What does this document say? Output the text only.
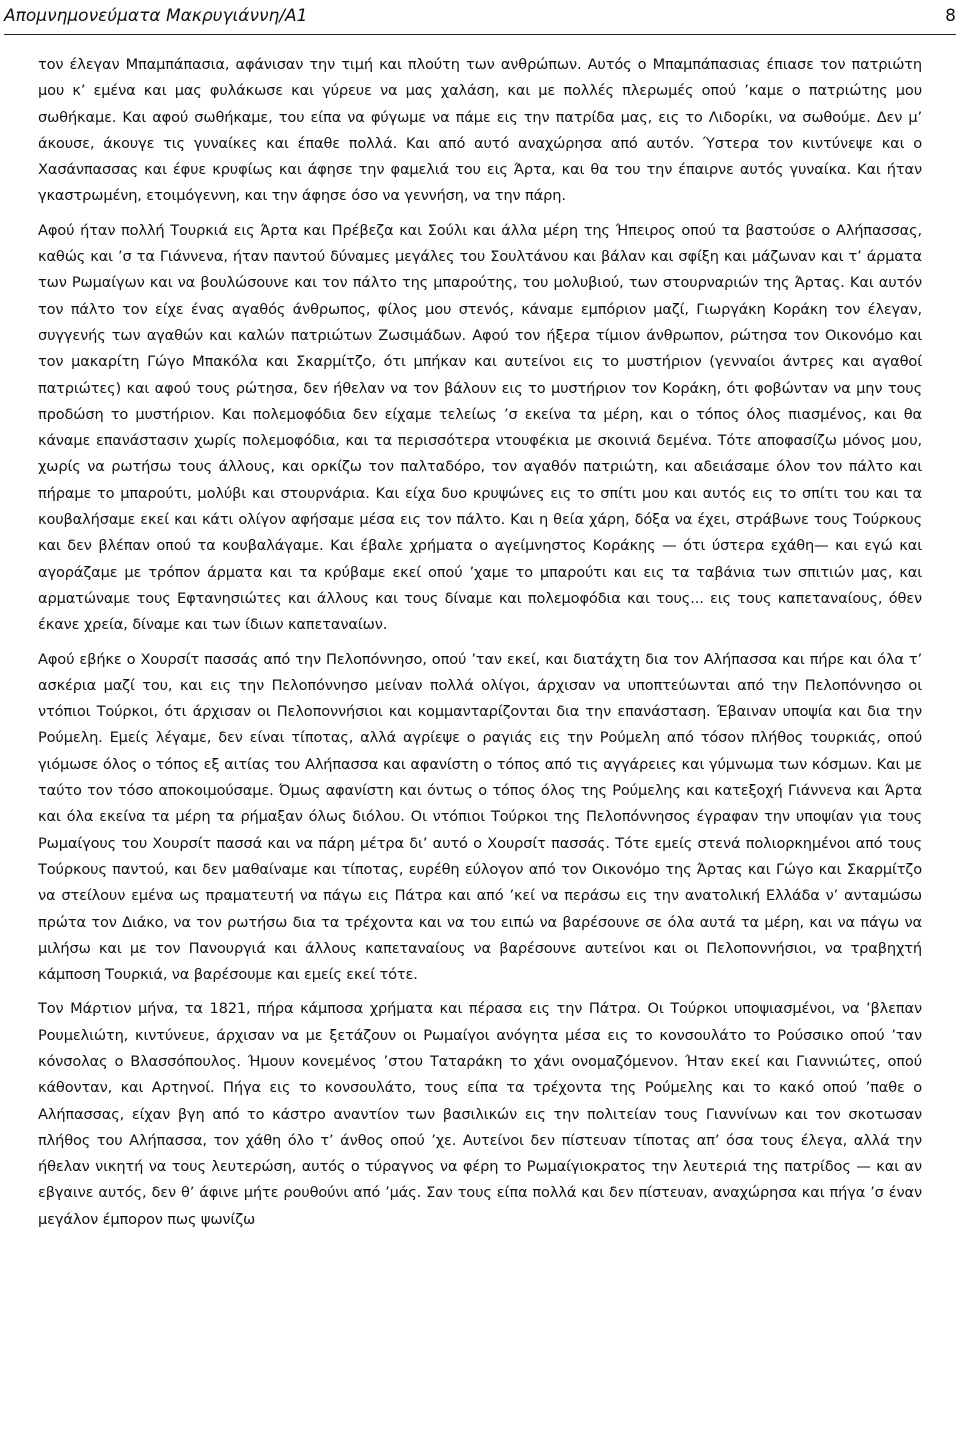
Απομνημονεύματα Μακρυγιάννη/Α1	8

τον έλεγαν Μπαμπάπασια, αφάνισαν την τιμή και πλούτη των ανθρώπων. Αυτός ο Μπαμπάπασιας έπιασε τον πατριώτη μου κ’ εμένα και μας φυλάκωσε και γύρευε να μας χαλάση, και με πολλές πλερωμές οπού ’καμε ο πατριώτης μου σωθήκαμε. Και αφού σωθήκαμε, του είπα να φύγωμε να πάμε εις την πατρίδα μας, εις το Λιδορίκι, να σωθούμε. Δεν μ’ άκουσε, άκουγε τις γυναίκες και έπαθε πολλά. Και από αυτό αναχώρησα από αυτόν. Ύστερα τον κιντύνεψε και ο Χασάνπασσας και έφυε κρυφίως και άφησε την φαμελιά του εις Άρτα, και θα του την έπαιρνε αυτός γυναίκα. Και ήταν γκαστρωμένη, ετοιμόγεννη, και την άφησε όσο να γεννήση, να την πάρη.

Αφού ήταν πολλή Τουρκιά εις Άρτα και Πρέβεζα και Σούλι και άλλα μέρη της Ήπειρος οπού τα βαστούσε ο Αλήπασσας, καθώς και ’σ τα Γιάννενα, ήταν παντού δύναμες μεγάλες του Σουλτάνου και βάλαν και σφίξη και μάζωναν και τ’ άρματα των Ρωμαίγων και να βουλώσουνε και τον πάλτο της μπαρούτης, του μολυβιού, των στουρναριών της Άρτας. Και αυτόν τον πάλτο τον είχε ένας αγαθός άνθρωπος, φίλος μου στενός, κάναμε εμπόριον μαζί, Γιωργάκη Κοράκη τον έλεγαν, συγγενής των αγαθών και καλών πατριώτων Ζωσιμάδων. Αφού τον ήξερα τίμιον άνθρωπον, ρώτησα τον Οικονόμο και τον μακαρίτη Γώγο Μπακόλα και Σκαρμίτζο, ότι μπήκαν και αυτείνοι εις το μυστήριον (γενναίοι άντρες και αγαθοί πατριώτες) και αφού τους ρώτησα, δεν ήθελαν να τον βάλουν εις το μυστήριον τον Κοράκη, ότι φοβώνταν να μην τους προδώση το μυστήριον. Και πολεμοφόδια δεν είχαμε τελείως ’σ εκείνα τα μέρη, και ο τόπος όλος πιασμένος, και θα κάναμε επανάστασιν χωρίς πολεμοφόδια, και τα περισσότερα ντουφέκια με σκοινιά δεμένα. Τότε αποφασίζω μόνος μου, χωρίς να ρωτήσω τους άλλους, και ορκίζω τον παλταδόρο, τον αγαθόν πατριώτη, και αδειάσαμε όλον τον πάλτο και πήραμε το μπαρούτι, μολύβι και στουρνάρια. Και είχα δυο κρυψώνες εις το σπίτι μου και αυτός εις το σπίτι του και τα κουβαλήσαμε εκεί και κάτι ολίγον αφήσαμε μέσα εις τον πάλτο. Και η θεία χάρη, δόξα να έχει, στράβωνε τους Τούρκους και δεν βλέπαν οπού τα κουβαλάγαμε. Και έβαλε χρήματα ο αγείμνηστος Κοράκης — ότι ύστερα εχάθη— και εγώ και αγοράζαμε με τρόπον άρματα και τα κρύβαμε εκεί οπού ’χαμε το μπαρούτι και εις τα ταβάνια των σπιτιών μας, και αρματώναμε τους Εφτανησιώτες και άλλους και τους δίναμε και πολεμοφόδια και τους... εις τους καπεταναίους, όθεν έκανε χρεία, δίναμε και των ίδιων καπεταναίων.

Αφού εβήκε ο Χουρσίτ πασσάς από την Πελοπόννησο, οπού ’ταν εκεί, και διατάχτη δια τον Αλήπασσα και πήρε και όλα τ’ ασκέρια μαζί του, και εις την Πελοπόννησο μείναν πολλά ολίγοι, άρχισαν να υποπτεύωνται από την Πελοπόννησο οι ντόπιοι Τούρκοι, ότι άρχισαν οι Πελοποννήσιοι και κομμανταρίζονται δια την επανάσταση. Έβαιναν υποψία και δια την Ρούμελη. Εμείς λέγαμε, δεν είναι τίποτας, αλλά αγρίεψε ο ραγιάς εις την Ρούμελη από τόσον πλήθος τουρκιάς, οπού γιόμωσε όλος ο τόπος εξ αιτίας του Αλήπασσα και αφανίστη ο τόπος από τις αγγάρειες και γύμνωμα των κόσμων. Και με ταύτο τον τόσο αποκοιμούσαμε. Όμως αφανίστη και όντως ο τόπος όλος της Ρούμελης και κατεξοχή Γιάννενα και Άρτα και όλα εκείνα τα μέρη τα ρήμαξαν όλως διόλου. Οι ντόπιοι Τούρκοι της Πελοπόννησος έγραφαν την υποψίαν για τους Ρωμαίγους του Χουρσίτ πασσά και να πάρη μέτρα δι’ αυτό ο Χουρσίτ πασσάς. Τότε εμείς στενά πολιορκημένοι από τους Τούρκους παντού, και δεν μαθαίναμε και τίποτας, ευρέθη εύλογον από τον Οικονόμο της Άρτας και Γώγο και Σκαρμίτζο να στείλουν εμένα ως πραματευτή να πάγω εις Πάτρα και από ’κεί να περάσω εις την ανατολική Ελλάδα ν’ ανταμώσω πρώτα τον Διάκο, να τον ρωτήσω δια τα τρέχοντα και να του ειπώ να βαρέσουνε σε όλα αυτά τα μέρη, και να πάγω να μιλήσω και με τον Πανουργιά και άλλους καπεταναίους να βαρέσουνε αυτείνοι και οι Πελοποννήσιοι, να τραβηχτή κάμποση Τουρκιά, να βαρέσουμε και εμείς εκεί τότε.

Τον Μάρτιον μήνα, τα 1821, πήρα κάμποσα χρήματα και πέρασα εις την Πάτρα. Οι Τούρκοι υποψιασμένοι, να ’βλεπαν Ρουμελιώτη, κιντύνευε, άρχισαν να με ξετάζουν οι Ρωμαίγοι ανόγητα μέσα εις το κονσουλάτο το Ρούσσικο οπού ’ταν κόνσολας ο Βλασσόπουλος. Ήμουν κονεμένος ’στου Ταταράκη το χάνι ονομαζόμενον. Ήταν εκεί και Γιαννιώτες, οπού κάθονταν, και Αρτηνοί. Πήγα εις το κονσουλάτο, τους είπα τα τρέχοντα της Ρούμελης και το κακό οπού ’παθε ο Αλήπασσας, είχαν βγη από το κάστρο αναντίον των βασιλικών εις την πολιτείαν τους Γιαννίνων και τον σκοτωσαν πλήθος του Αλήπασσα, τον χάθη όλο τ’ άνθος οπού ’χε. Αυτείνοι δεν πίστευαν τίποτας απ’ όσα τους έλεγα, αλλά την ήθελαν νικητή να τους λευτερώση, αυτός ο τύραγνος να φέρη το Ρωμαίγιοκρατος την λευτεριά της πατρίδος — και αν εβγαινε αυτός, δεν θ’ άφινε μήτε ρουθούνι από ’μάς. Σαν τους είπα πολλά και δεν πίστευαν, αναχώρησα και πήγα ’σ έναν μεγάλον έμπορον πως ψωνίζω
